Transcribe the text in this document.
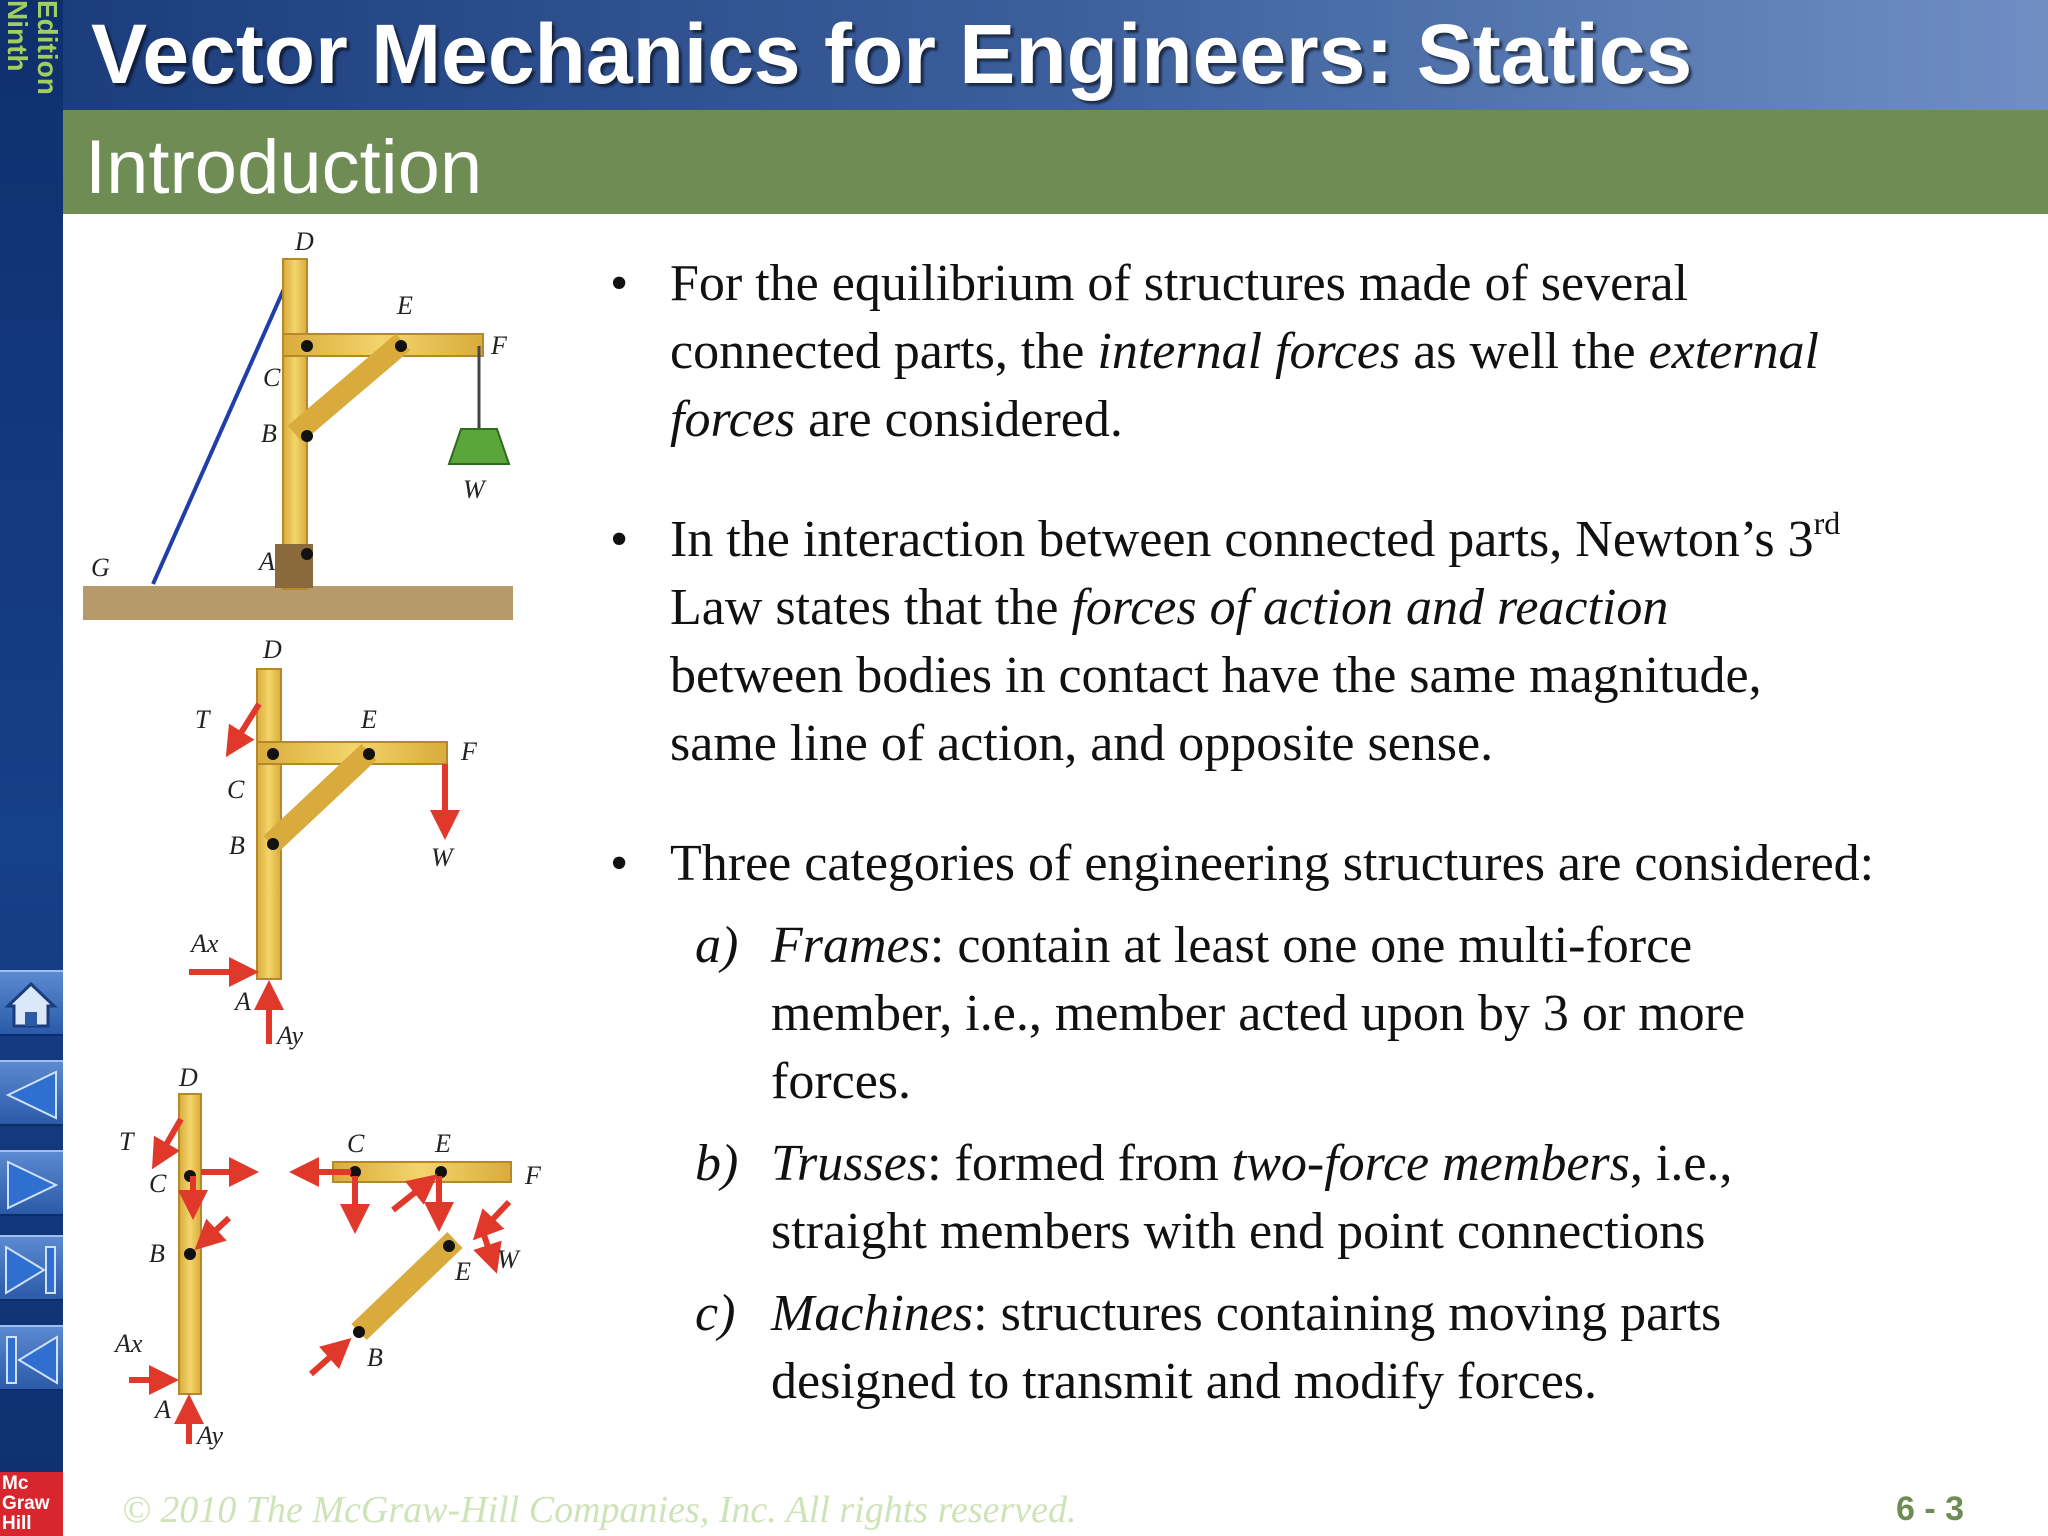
Ninth Edition Vector Mechanics for Engineers: Statics
Introduction
Mc
Graw
Hill
D
E
F
C
B
W
G	A
D
E
T
F
C
B	W
Ax
A
Ay
D
T
C
B
Ax
A
Ay
C	E
F
W
E
B
• For the equilibrium of structures made of several
connected parts, the internal forces as well the external
forces are considered.
• In the interaction between connected parts, Newton’s 3rd
Law states that the forces of action and reaction
between bodies in contact have the same magnitude,
same line of action, and opposite sense.
• Three categories of engineering structures are considered:
a) Frames: contain at least one one multi-force
member, i.e., member acted upon by 3 or more
forces.
b) Trusses: formed from two-force members, i.e.,
straight members with end point connections
c) Machines: structures containing moving parts
designed to transmit and modify forces.
© 2010 The McGraw-Hill Companies, Inc. All rights reserved.	6 - 3
